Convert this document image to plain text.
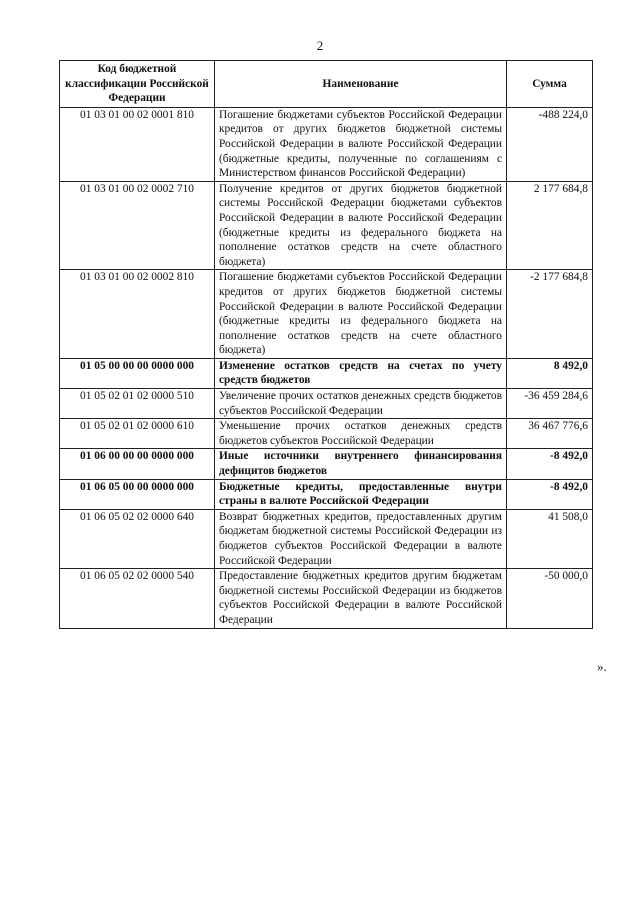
2
Код бюджетной классификации Российской Федерации	Наименование	Сумма
01 03 01 00 02 0001 810	Погашение бюджетами субъектов Российской Федерации кредитов от других бюджетов бюджетной системы Российской Федерации в валюте Российской Федерации (бюджетные кредиты, полученные по соглашениям с Министерством финансов Российской Федерации)	-488 224,0
01 03 01 00 02 0002 710	Получение кредитов от других бюджетов бюджетной системы Российской Федерации бюджетами субъектов Российской Федерации в валюте Российской Федерации (бюджетные кредиты из федерального бюджета на пополнение остатков средств на счете областного бюджета)	2 177 684,8
01 03 01 00 02 0002 810	Погашение бюджетами субъектов Российской Федерации кредитов от других бюджетов бюджетной системы Российской Федерации в валюте Российской Федерации (бюджетные кредиты из федерального бюджета на пополнение остатков средств на счете областного бюджета)	-2 177 684,8
01 05 00 00 00 0000 000	Изменение остатков средств на счетах по учету средств бюджетов	8 492,0
01 05 02 01 02 0000 510	Увеличение прочих остатков денежных средств бюджетов субъектов Российской Федерации	-36 459 284,6
01 05 02 01 02 0000 610	Уменьшение прочих остатков денежных средств бюджетов субъектов Российской Федерации	36 467 776,6
01 06 00 00 00 0000 000	Иные источники внутреннего финансирования дефицитов бюджетов	-8 492,0
01 06 05 00 00 0000 000	Бюджетные кредиты, предоставленные внутри страны в валюте Российской Федерации	-8 492,0
01 06 05 02 02 0000 640	Возврат бюджетных кредитов, предоставленных другим бюджетам бюджетной системы Российской Федерации из бюджетов субъектов Российской Федерации в валюте Российской Федерации	41 508,0
01 06 05 02 02 0000 540	Предоставление бюджетных кредитов другим бюджетам бюджетной системы Российской Федерации из бюджетов субъектов Российской Федерации в валюте Российской Федерации	-50 000,0
».
